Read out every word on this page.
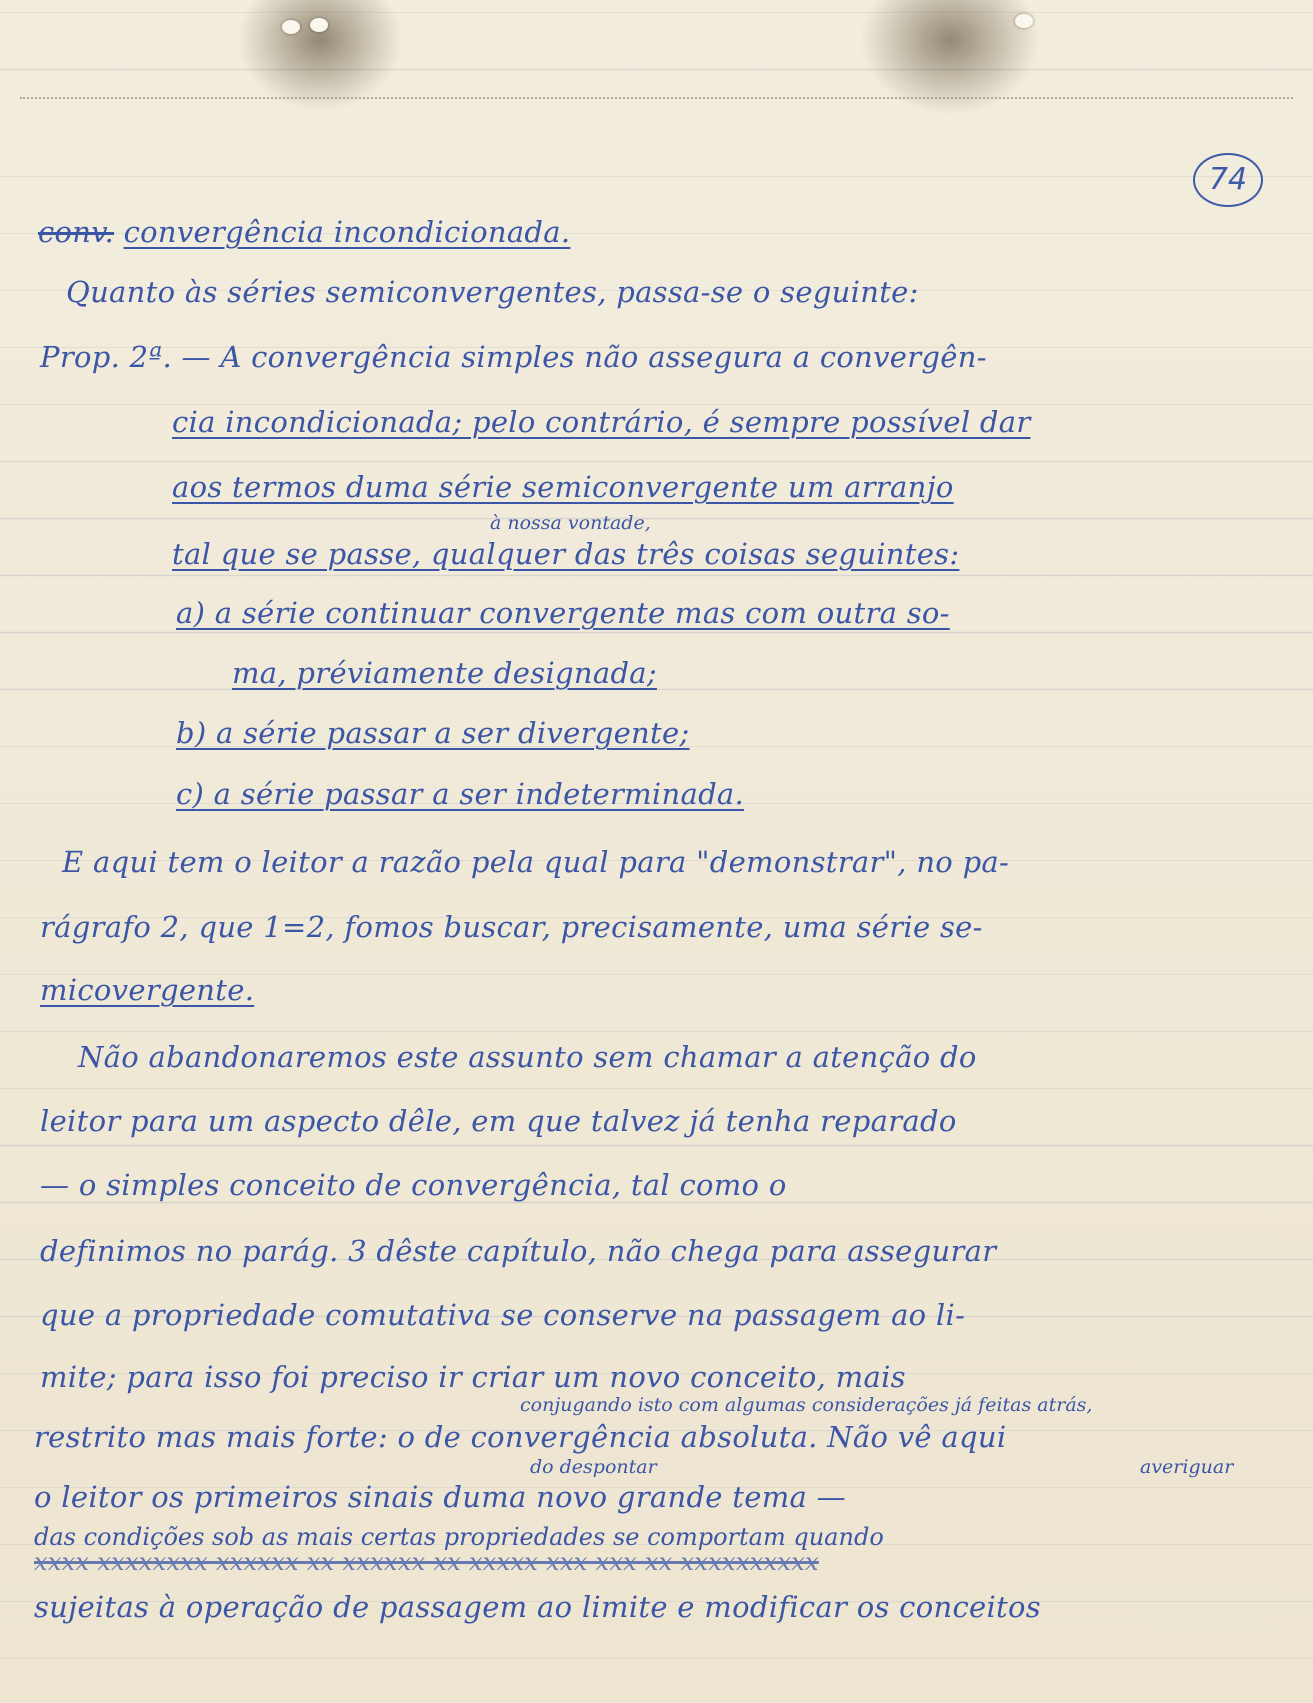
74
conv. convergência incondicionada.
Quanto às séries semiconvergentes, passa-se o seguinte:
Prop. 2ª. — A convergência simples não assegura a convergên-
cia incondicionada; pelo contrário, é sempre possível dar
aos termos duma série semiconvergente um arranjo
à nossa vontade,
tal que se passe, qualquer das três coisas seguintes:
a) a série continuar convergente mas com outra so-
ma, préviamente designada;
b) a série passar a ser divergente;
c) a série passar a ser indeterminada.
E aqui tem o leitor a razão pela qual para "demonstrar", no pa-
rágrafo 2, que 1=2, fomos buscar, precisamente, uma série se-
micovergente.
Não abandonaremos este assunto sem chamar a atenção do
leitor para um aspecto dêle, em que talvez já tenha reparado
— o simples conceito de convergência, tal como o
definimos no parág. 3 dêste capítulo, não chega para assegurar
que a propriedade comutativa se conserve na passagem ao li-
mite; para isso foi preciso ir criar um novo conceito, mais
conjugando isto com algumas considerações já feitas atrás,
restrito mas mais forte: o de convergência absoluta. Não vê aqui
do despontar	averiguar
o leitor os primeiros sinais duma novo grande tema —
das condições sob as mais certas propriedades se comportam quando
xxxx xxxxxxxx xxxxxx xx xxxxxx xx xxxxx xxx xxx xx xxxxxxxxxx
sujeitas à operação de passagem ao limite e modificar os conceitos
